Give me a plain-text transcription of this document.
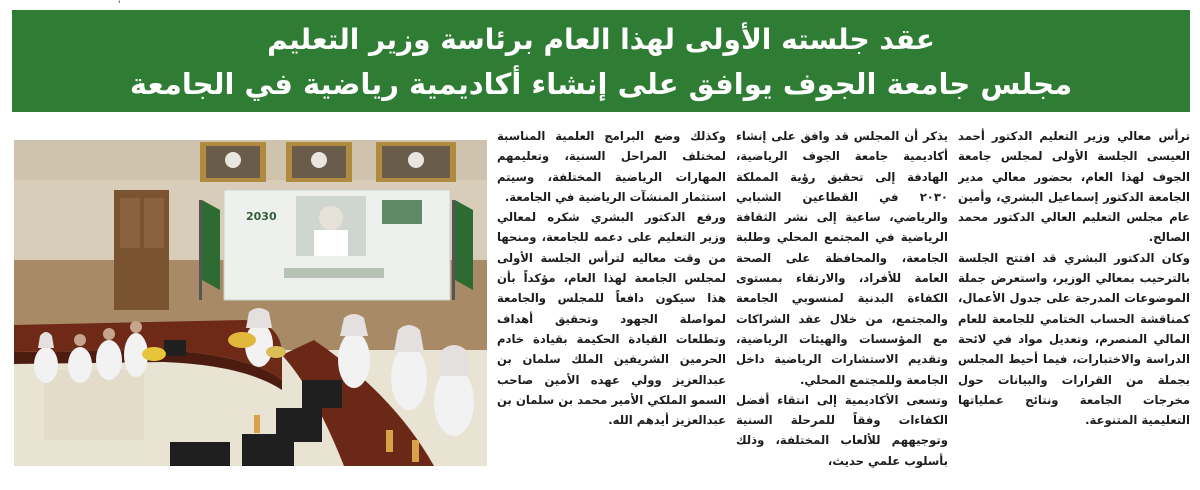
'
عقد جلسته الأولى لهذا العام برئاسة وزير التعليم
مجلس جامعة الجوف يوافق على إنشاء أكاديمية رياضية في الجامعة

ترأس معالي وزير التعليم الدكتور أحمد العيسى الجلسة الأولى لمجلس جامعة الجوف لهذا العام، بحضور معالي مدير الجامعة الدكتور إسماعيل البشري، وأمين عام مجلس التعليم العالي الدكتور محمد الصالح.

وكان الدكتور البشري قد افتتح الجلسة بالترحيب بمعالي الوزير، واستعرض جملة الموضوعات المدرجة على جدول الأعمال، كمناقشة الحساب الختامي للجامعة للعام المالي المنصرم، وتعديل مواد في لائحة الدراسة والاختبارات، فيما أحيط المجلس بجملة من القرارات والبيانات حول مخرجات الجامعة ونتائج عملياتها التعليمية المتنوعة.

يذكر أن المجلس قد وافق على إنشاء أكاديمية جامعة الجوف الرياضية، الهادفة إلى تحقيق رؤية المملكة ٢٠٣٠ في القطاعين الشبابي والرياضي، ساعية إلى نشر الثقافة الرياضية في المجتمع المحلي وطلبة الجامعة، والمحافظة على الصحة العامة للأفراد، والارتقاء بمستوى الكفاءة البدنية لمنسوبي الجامعة والمجتمع، من خلال عقد الشراكات مع المؤسسات والهيئات الرياضية، وتقديم الاستشارات الرياضية داخل الجامعة وللمجتمع المحلي.

وتسعى الأكاديمية إلى انتقاء أفضل الكفاءات وفقاً للمرحلة السنية وتوجيههم للألعاب المختلفة، وذلك بأسلوب علمي حديث،

وكذلك وضع البرامج العلمية المناسبة لمختلف المراحل السنية، وتعليمهم المهارات الرياضية المختلفة، وسيتم استثمار المنشآت الرياضية في الجامعة.

ورفع الدكتور البشري شكره لمعالي وزير التعليم على دعمه للجامعة، ومنحها من وقت معاليه لترأس الجلسة الأولى لمجلس الجامعة لهذا العام، مؤكداً بأن هذا سيكون دافعاً للمجلس والجامعة لمواصلة الجهود وتحقيق أهداف وتطلعات القيادة الحكيمة بقيادة خادم الحرمين الشريفين الملك سلمان بن عبدالعزيز وولي عهده الأمين صاحب السمو الملكي الأمير محمد بن سلمان بن عبدالعزيز أيدهم الله.

2030
